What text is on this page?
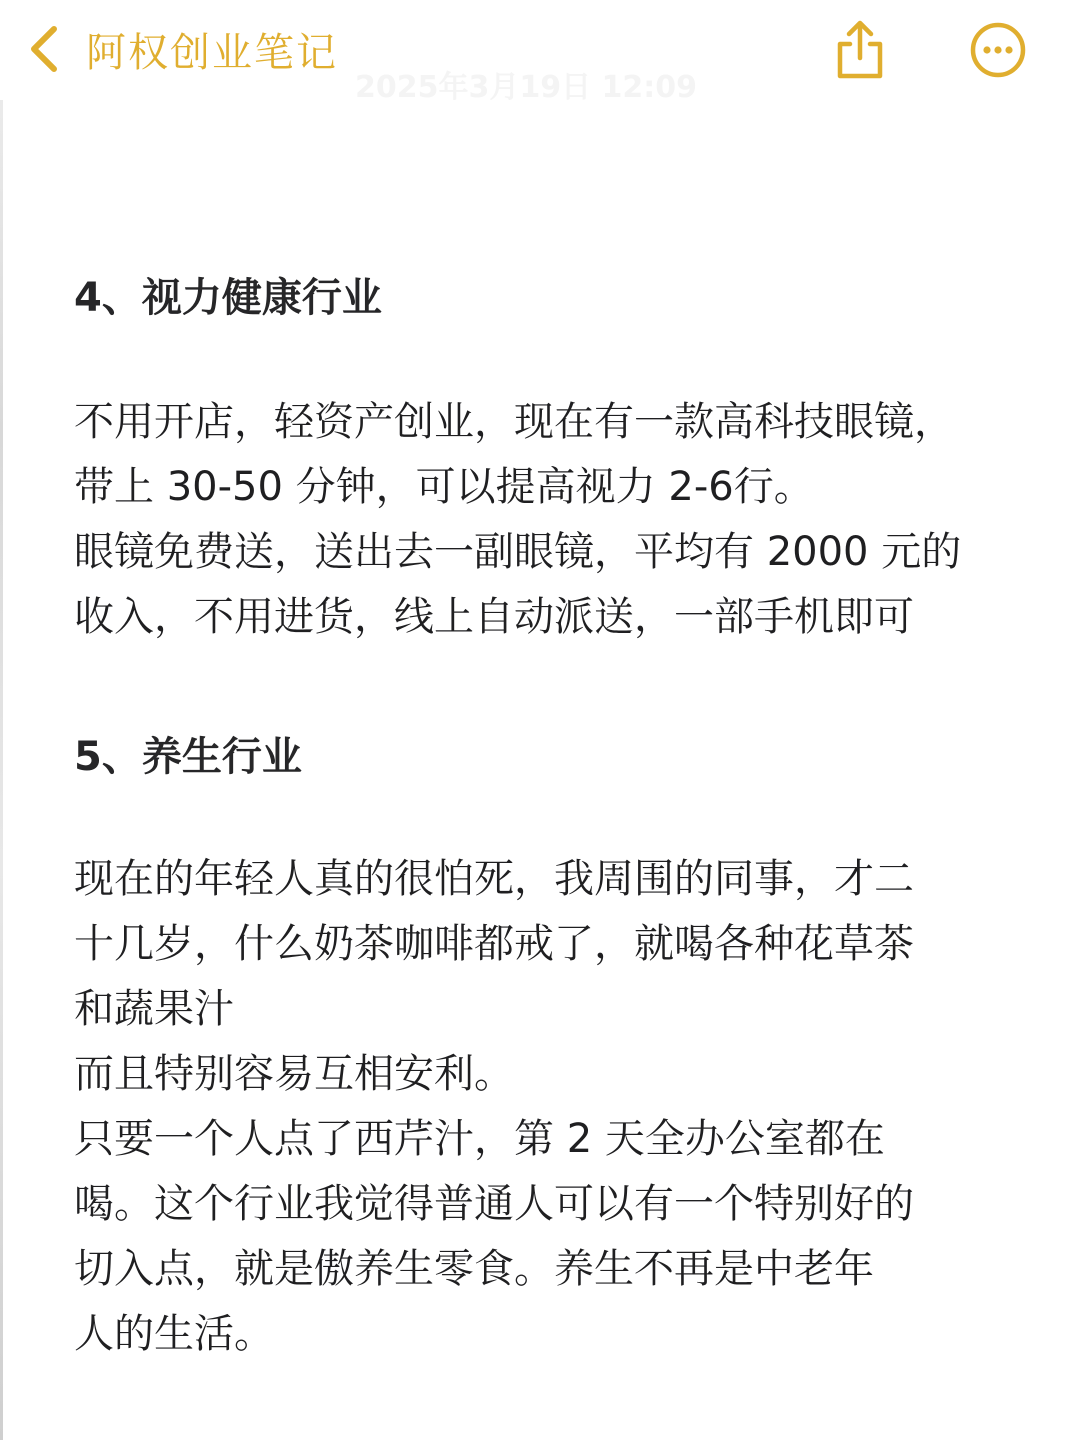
阿权创业笔记
2025年3月19日 12:09
4、视力健康行业

不用开店，轻资产创业，现在有一款高科技眼镜，
带上 30-50 分钟，可以提高视力 2-6行。
眼镜免费送，送出去一副眼镜，平均有 2000 元的
收入，不用进货，线上自动派送，一部手机即可

5、养生行业

现在的年轻人真的很怕死，我周围的同事，才二
十几岁，什么奶茶咖啡都戒了，就喝各种花草茶
和蔬果汁
而且特别容易互相安利。
只要一个人点了西芹汁，第 2 天全办公室都在
喝。这个行业我觉得普通人可以有一个特别好的
切入点，就是傲养生零食。养生不再是中老年
人的生活。
